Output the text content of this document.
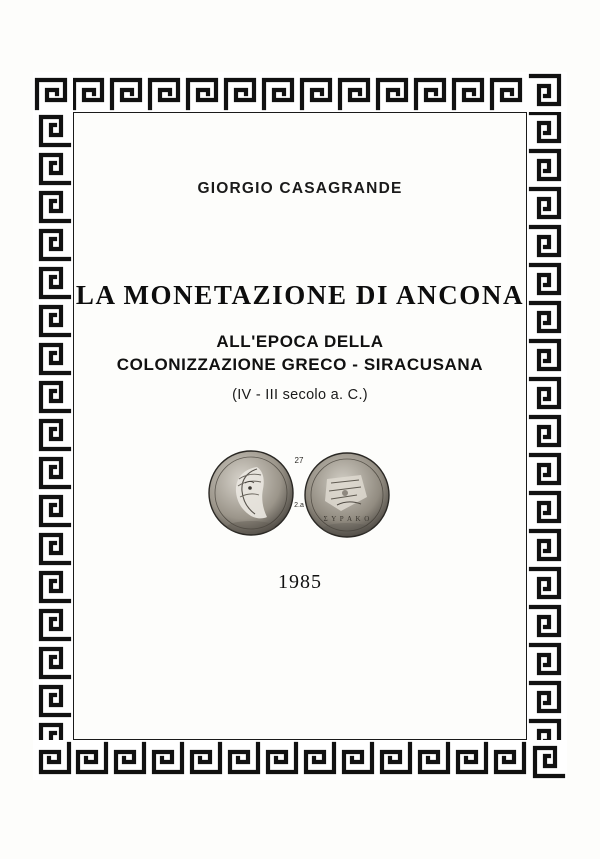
GIORGIO CASAGRANDE
LA MONETAZIONE DI ANCONA
ALL'EPOCA DELLA
COLONIZZAZIONE GRECO - SIRACUSANA
(IV - III secolo a. C.)
Σ Υ Ρ Α Κ Ο
27
2.a
1985
